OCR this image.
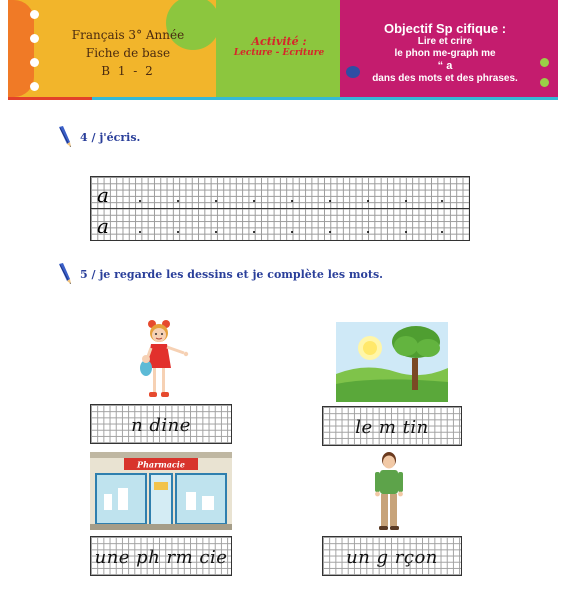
Français 3° Année
Fiche de base
B 1 - 2
Activité :
Lecture - Ecriture
Objectif Sp cifique :
Lire et crire
le phon me-graph me
“ a
dans des mots et des phrases.
4 / j'écris.
a
a
5 / je regarde les dessins et je complète les mots.
n dine	le m tin
Pharmacie
une ph rm cie	un g rçon
